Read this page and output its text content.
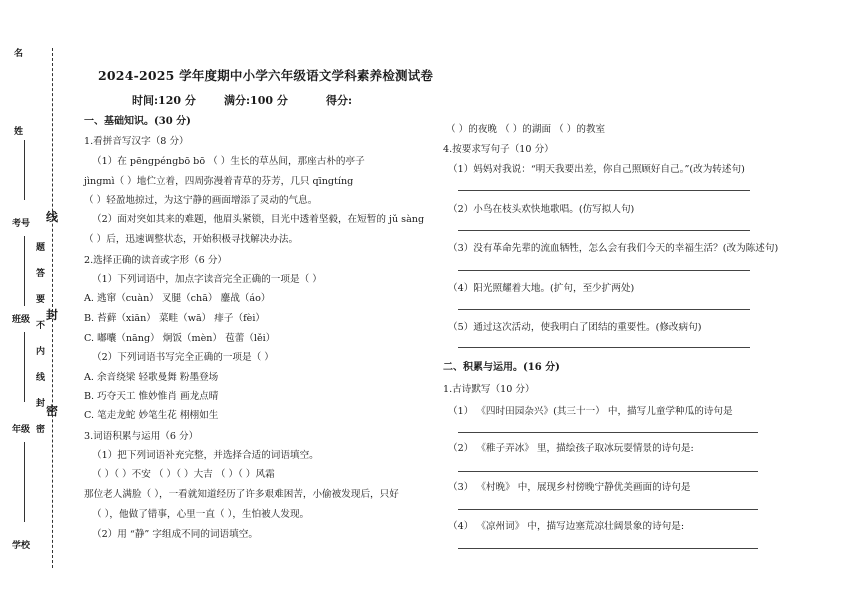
名
姓
考号
班级
年级
学校
题
答
要
不
内
线
封
密
线
封
密
2024-2025 学年度期中小学六年级语文学科素养检测试卷
时间:120 分	满分:100 分	得分:
一、基础知识。(30 分)
1.看拼音写汉字（8 分）
（1）在 pēngpéngbō bō （ ）生长的草丛间，那座古朴的亭子
jìngmì（ ）地伫立着，四周弥漫着青草的芬芳，几只 qīngtíng
（ ）轻盈地掠过，为这宁静的画面增添了灵动的气息。
（2）面对突如其来的难题，他眉头紧锁，目光中透着坚毅，在短暂的 jǔ sàng
（ ）后，迅速调整状态，开始积极寻找解决办法。
2.选择正确的读音或字形（6 分）
（1）下列词语中，加点字读音完全正确的一项是（ ）
A. 逃窜（cuàn） 叉腿（chā） 鏖战（áo）
B. 苔藓（xiān） 菜畦（wā） 痱子（fèi）
C. 嘟囔（nāng） 炯饭（mèn） 苞蕾（lěi）
（2）下列词语书写完全正确的一项是（ ）
A. 余音绕梁 轻歌曼舞 粉墨登场
B. 巧夺天工 惟妙惟肖 画龙点晴
C. 笔走龙蛇 妙笔生花 栩栩如生
3.词语积累与运用（6 分）
（1）把下列词语补充完整，并选择合适的词语填空。
（ ）（ ）不安 （ ）（ ）大吉 （ ）（ ）风霜
那位老人满脸（ ），一看就知道经历了许多艰难困苦，小偷被发现后，只好
（ ），他做了错事，心里一直（ ），生怕被人发现。
（2）用 “静” 字组成不同的词语填空。
（ ）的夜晚 （ ）的湖面 （ ）的教室
4.按要求写句子（10 分）
（1）妈妈对我说：“明天我要出差，你自己照顾好自己。”(改为转述句)
（2）小鸟在枝头欢快地歌唱。(仿写拟人句)
（3）没有革命先辈的流血牺牲，怎么会有我们今天的幸福生活？(改为陈述句)
（4）阳光照耀着大地。(扩句，至少扩两处)
（5）通过这次活动，使我明白了团结的重要性。(修改病句)
二、积累与运用。(16 分)
1.古诗默写（10 分）
（1） 《四时田园杂兴》(其三十一） 中，描写儿童学种瓜的诗句是
（2） 《稚子弄冰》 里，描绘孩子取冰玩耍情景的诗句是:
（3） 《村晚》 中，展现乡村傍晚宁静优美画面的诗句是
（4） 《凉州词》 中，描写边塞荒凉壮阔景象的诗句是:
